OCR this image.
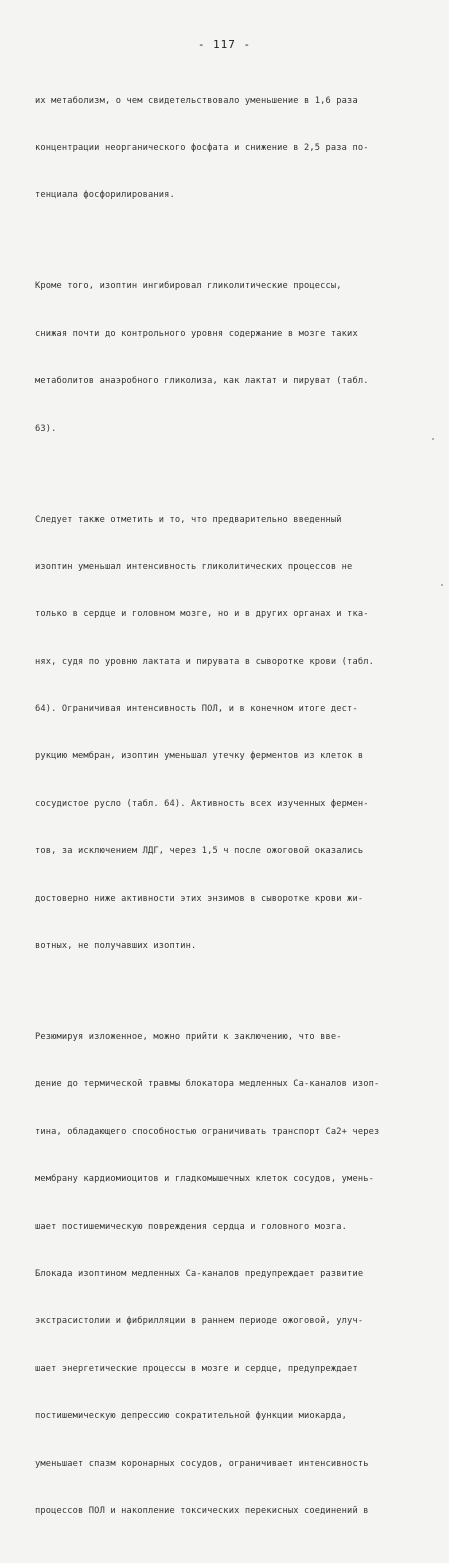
- 117 -

их метаболизм, о чем свидетельствовало уменьшение в 1,6 раза

концентрации неорганического фосфата и снижение в 2,5 раза по-

тенциала фосфорилирования.

Кроме того, изоптин ингибировал гликолитические процессы,

снижая почти до контрольного уровня содержание в мозге таких

метаболитов анаэробного гликолиза, как лактат и пируват (табл.

63).

Следует также отметить и то, что предварительно введенный

изоптин уменьшал интенсивность гликолитических процессов не

только в сердце и головном мозге, но и в других органах и тка-

нях, судя по уровню лактата и пирувата в сыворотке крови (табл.

64). Ограничивая интенсивность ПОЛ, и в конечном итоге дест-

рукцию мембран, изоптин уменьшал утечку ферментов из клеток в

сосудистое русло (табл. 64). Активность всех изученных фермен-

тов, за исключением ЛДГ, через 1,5 ч после ожоговой оказались

достоверно ниже активности этих энзимов в сыворотке крови жи-

вотных, не получавших изоптин.

Резюмируя изложенное, можно прийти к заключению, что вве-

дение до термической травмы блокатора медленных Са-каналов изоп-

тина, обладающего способностью ограничивать транспорт Са2+ через

мембрану кардиомиоцитов и гладкомышечных клеток сосудов, умень-

шает постишемическую повреждения сердца и головного мозга.

Блокада изоптином медленных Са-каналов предупреждает развитие

экстрасистолии и фибрилляции в раннем периоде ожоговой, улуч-

шает энергетические процессы в мозге и сердце, предупреждает

постишемическую депрессию сократительной функции миокарда,

уменьшает спазм коронарных сосудов, ограничивает интенсивность

процессов ПОЛ и накопление токсических перекисных соединений в
